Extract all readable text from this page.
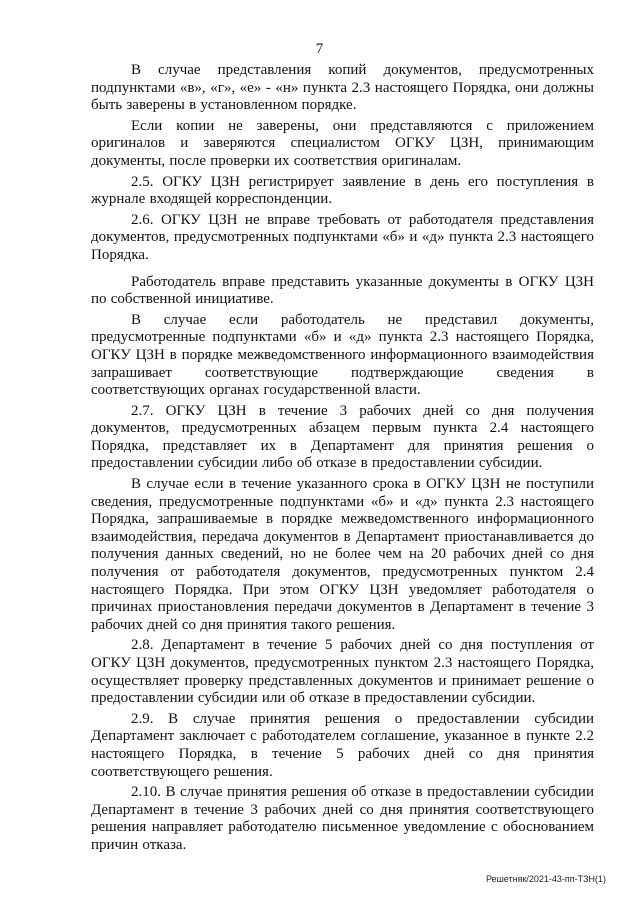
7

В случае представления копий документов, предусмотренных подпунктами «в», «г», «е» - «н» пункта 2.3 настоящего Порядка, они должны быть заверены в установленном порядке.

Если копии не заверены, они представляются с приложением оригиналов и заверяются специалистом ОГКУ ЦЗН, принимающим документы, после проверки их соответствия оригиналам.

2.5. ОГКУ ЦЗН регистрирует заявление в день его поступления в журнале входящей корреспонденции.

2.6. ОГКУ ЦЗН не вправе требовать от работодателя представления документов, предусмотренных подпунктами «б» и «д» пункта 2.3 настоящего Порядка.

Работодатель вправе представить указанные документы в ОГКУ ЦЗН по собственной инициативе.

В случае если работодатель не представил документы, предусмотренные подпунктами «б» и «д» пункта 2.3 настоящего Порядка, ОГКУ ЦЗН в порядке межведомственного информационного взаимодействия запрашивает соответствующие подтверждающие сведения в соответствующих органах государственной власти.

2.7. ОГКУ ЦЗН в течение 3 рабочих дней со дня получения документов, предусмотренных абзацем первым пункта 2.4 настоящего Порядка, представляет их в Департамент для принятия решения о предоставлении субсидии либо об отказе в предоставлении субсидии.

В случае если в течение указанного срока в ОГКУ ЦЗН не поступили сведения, предусмотренные подпунктами «б» и «д» пункта 2.3 настоящего Порядка, запрашиваемые в порядке межведомственного информационного взаимодействия, передача документов в Департамент приостанавливается до получения данных сведений, но не более чем на 20 рабочих дней со дня получения от работодателя документов, предусмотренных пунктом 2.4 настоящего Порядка. При этом ОГКУ ЦЗН уведомляет работодателя о причинах приостановления передачи документов в Департамент в течение 3 рабочих дней со дня принятия такого решения.

2.8. Департамент в течение 5 рабочих дней со дня поступления от ОГКУ ЦЗН документов, предусмотренных пунктом 2.3 настоящего Порядка, осуществляет проверку представленных документов и принимает решение о предоставлении субсидии или об отказе в предоставлении субсидии.

2.9. В случае принятия решения о предоставлении субсидии Департамент заключает с работодателем соглашение, указанное в пункте 2.2 настоящего Порядка, в течение 5 рабочих дней со дня принятия соответствующего решения.

2.10. В случае принятия решения об отказе в предоставлении субсидии Департамент в течение 3 рабочих дней со дня принятия соответствующего решения направляет работодателю письменное уведомление с обоснованием причин отказа.

Решетняк/2021-43-пп-ТЗН(1)
